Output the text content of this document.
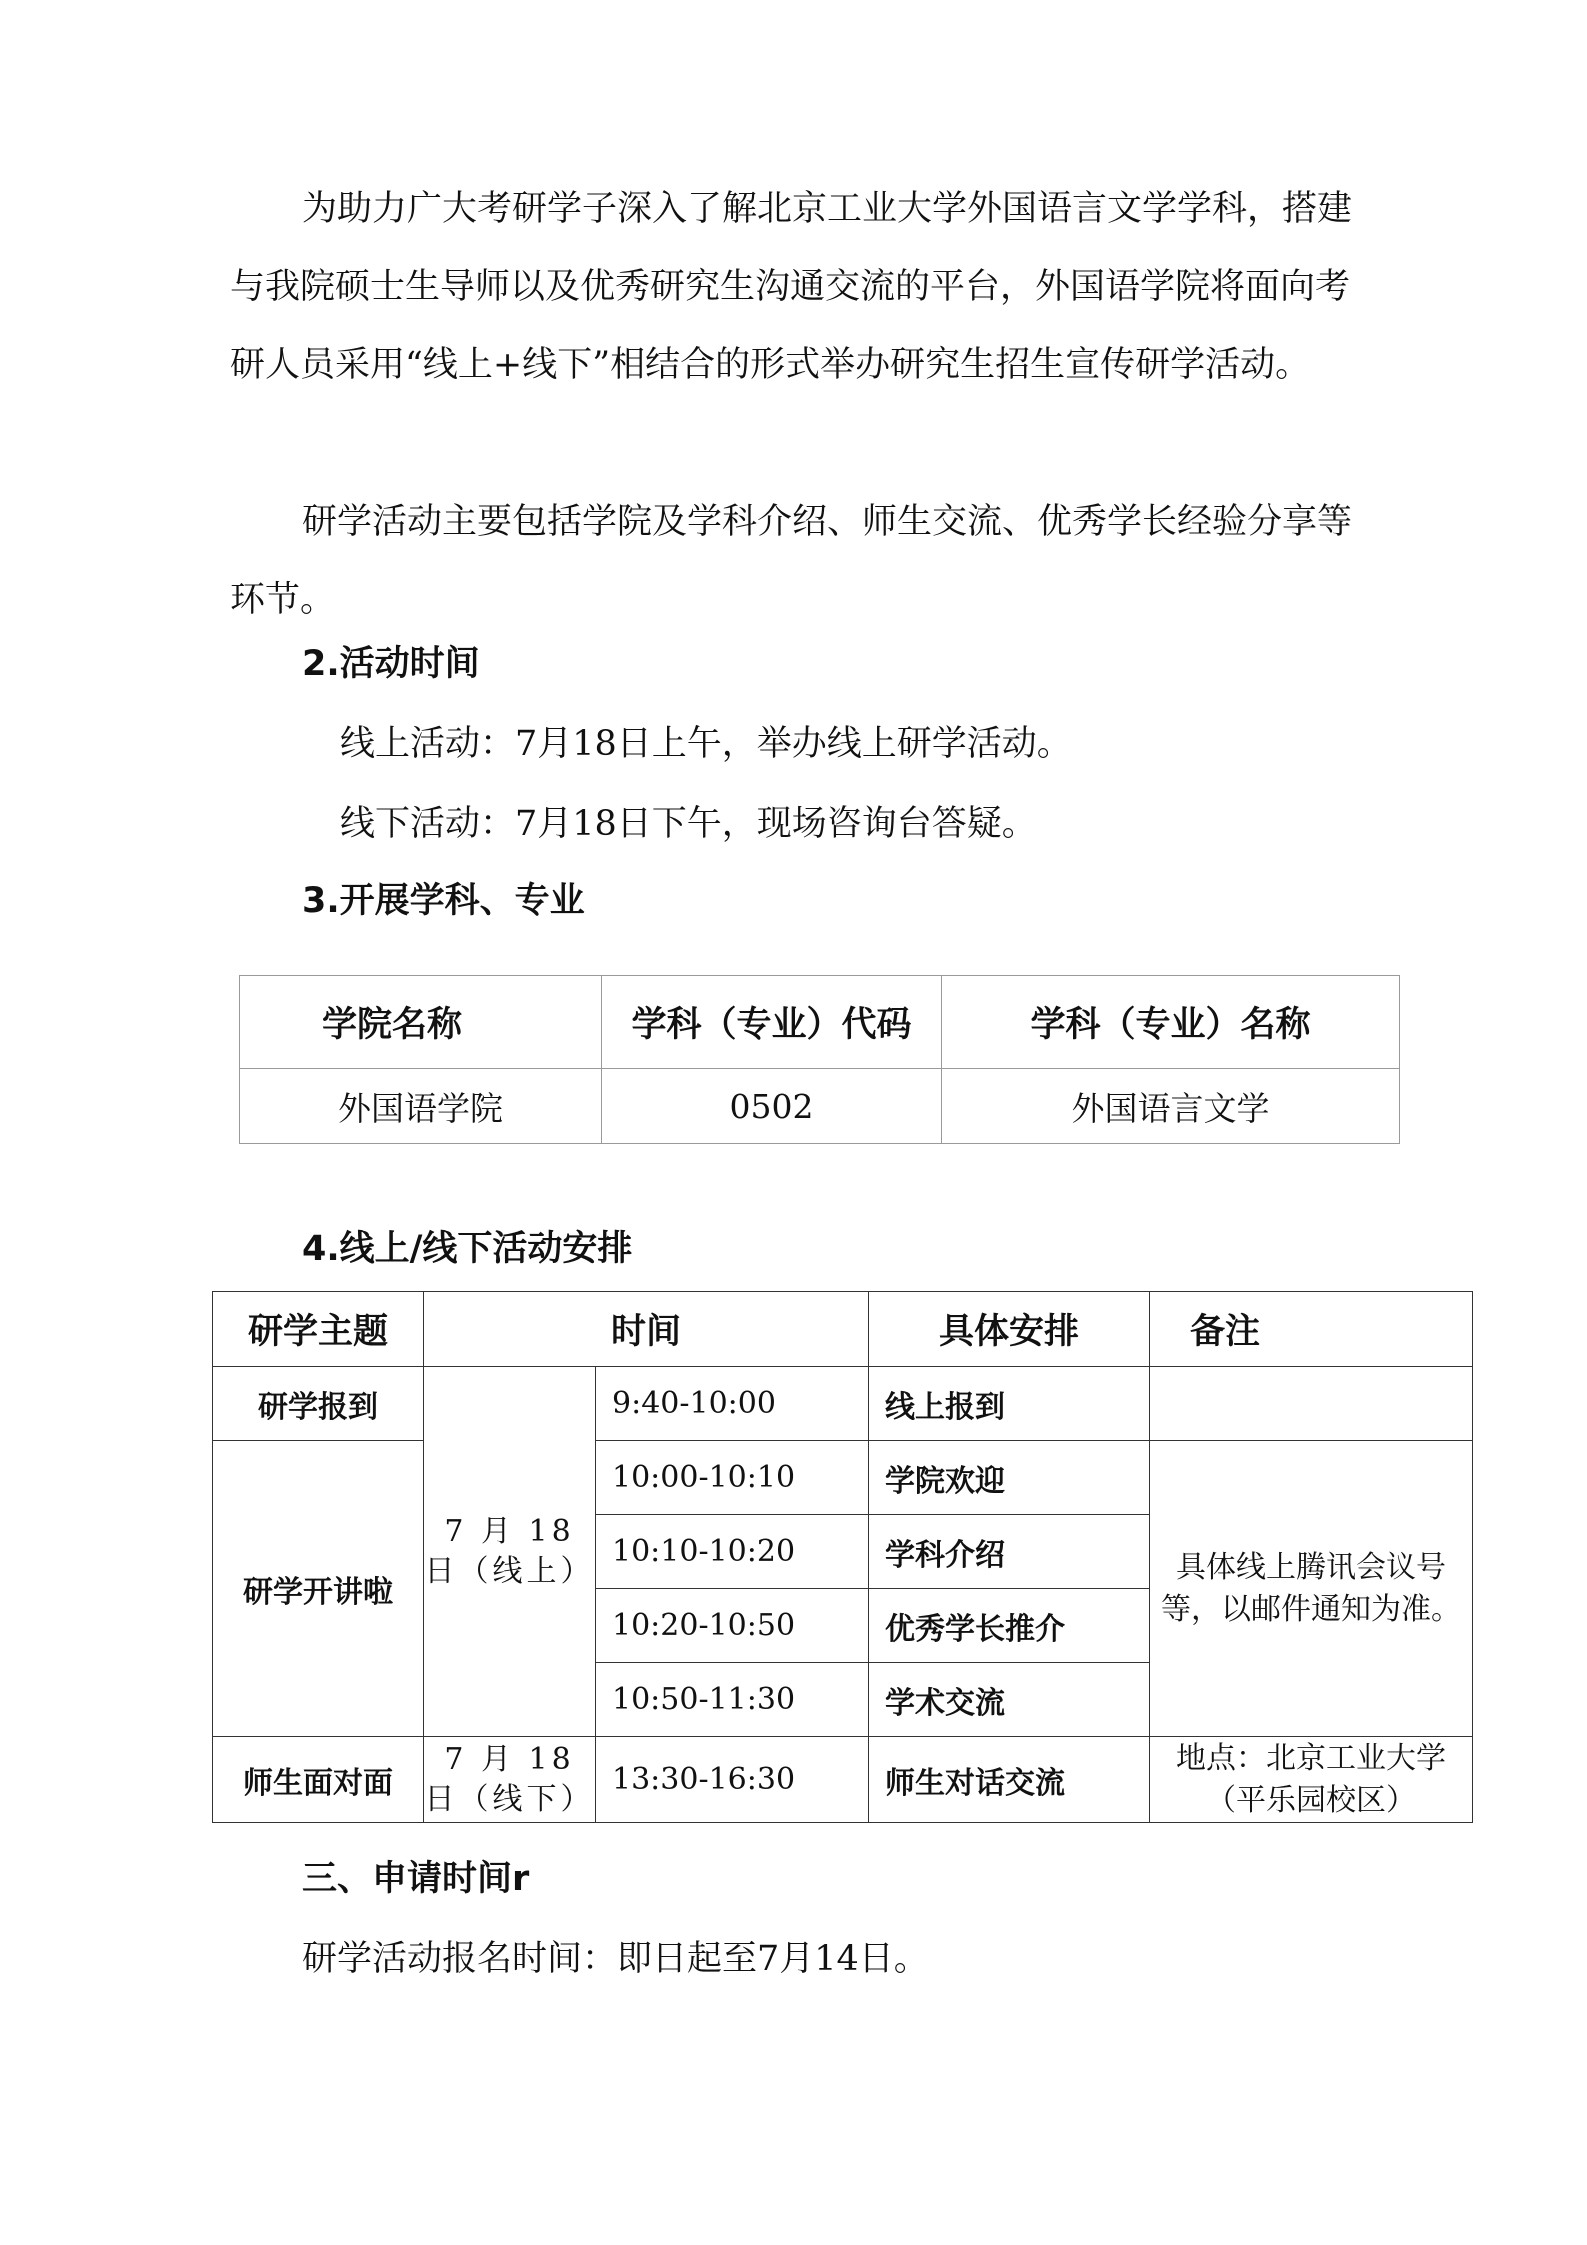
为助力广大考研学子深入了解北京工业大学外国语言文学学科，搭建与我院硕士生导师以及优秀研究生沟通交流的平台，外国语学院将面向考研人员采用“线上+线下”相结合的形式举办研究生招生宣传研学活动。

研学活动主要包括学院及学科介绍、师生交流、优秀学长经验分享等环节。

2.活动时间

线上活动：7月18日上午，举办线上研学活动。

线下活动：7月18日下午，现场咨询台答疑。

3.开展学科、专业
学院名称	学科（专业）代码	学科（专业）名称
外国语学院	0502	外国语言文学
4.线上/线下活动安排
研学主题	时间		具体安排	备注
研学报到	7 月 18 日（线上）	9:40-10:00	线上报到	
研学开讲啦		10:00-10:10	学院欢迎	具体线上腾讯会议号等，以邮件通知为准。
		10:10-10:20	学科介绍	
		10:20-10:50	优秀学长推介	
		10:50-11:30	学术交流	
师生面对面	7 月 18 日（线下）	13:30-16:30	师生对话交流	地点：北京工业大学（平乐园校区）
三、申请时间r

研学活动报名时间：即日起至7月14日。
